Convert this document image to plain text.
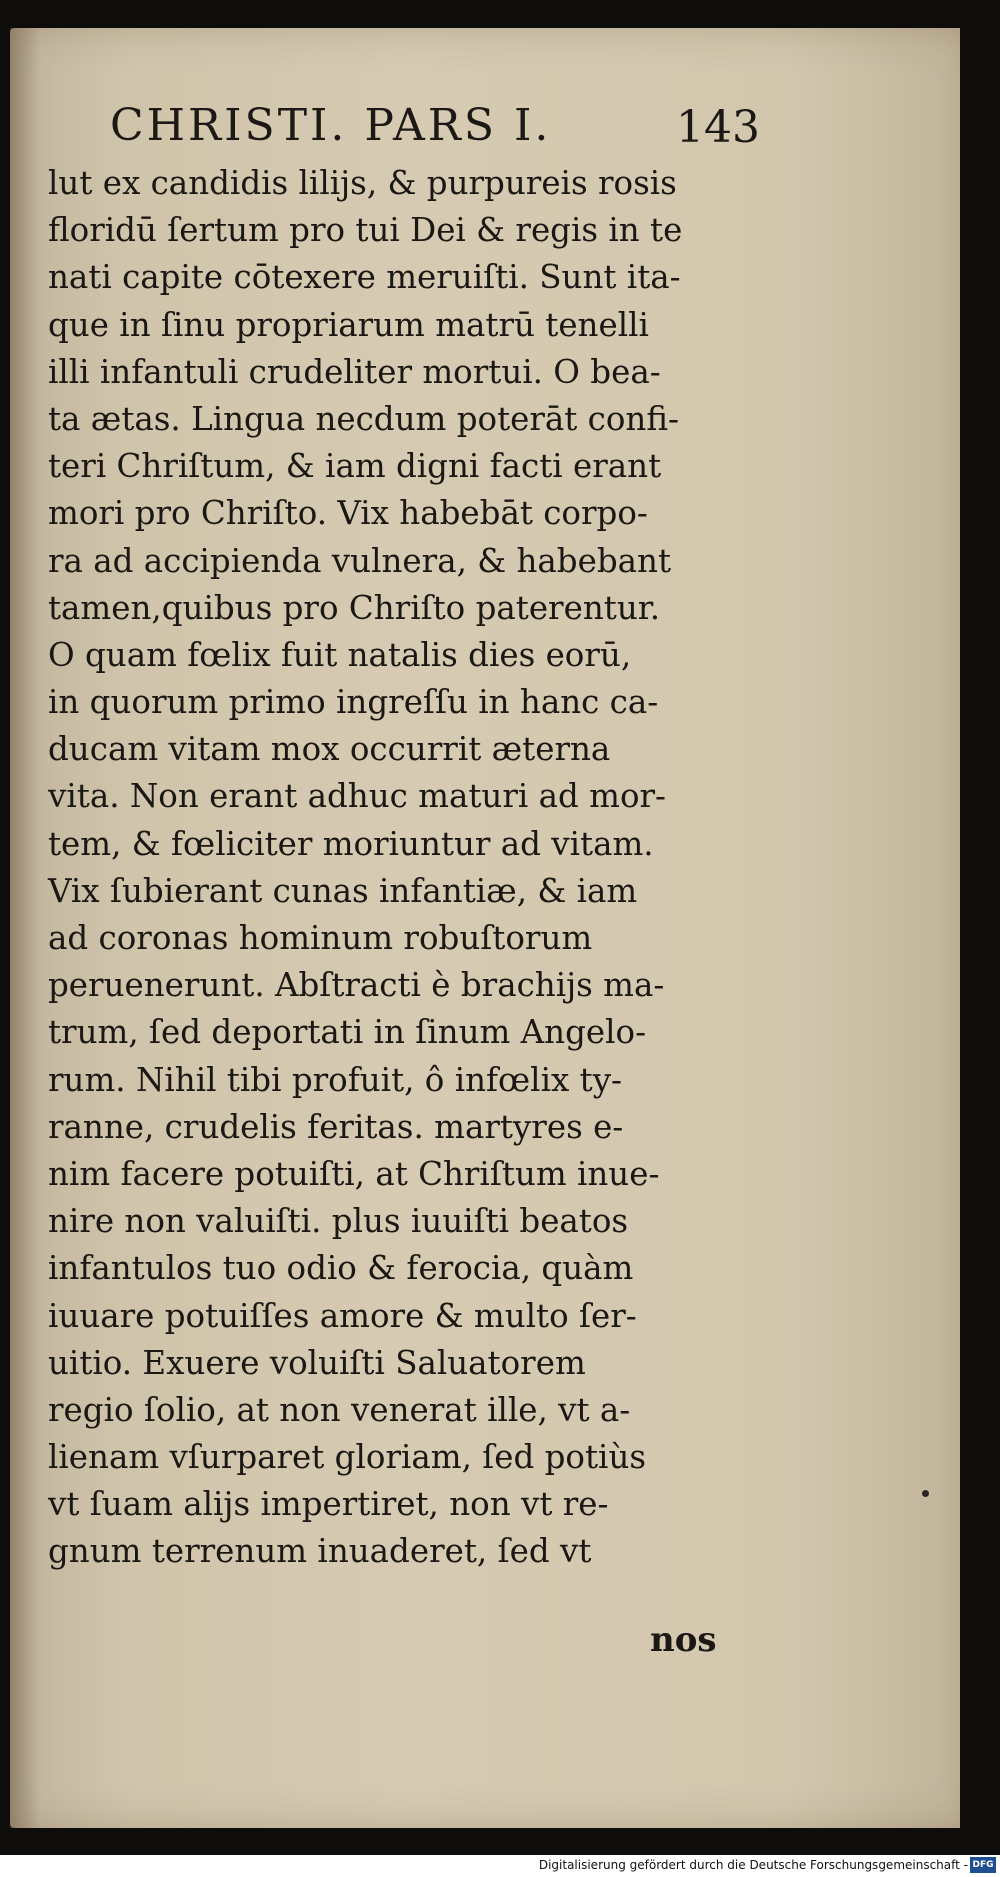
CHRISTI. PARS I.	143
lut ex candidis lilijs, & purpureis rosis
floridū ſertum pro tui Dei & regis in te
nati capite cōtexere meruiſti. Sunt ita-
que in ſinu propriarum matrū tenelli
illi infantuli crudeliter mortui. O bea-
ta ætas. Lingua necdum poterāt confi-
teri Chriſtum, & iam digni facti erant
mori pro Chriſto. Vix habebāt corpo-
ra ad accipienda vulnera, & habebant
tamen,quibus pro Chriſto paterentur.
O quam fœlix fuit natalis dies eorū,
in quorum primo ingreſſu in hanc ca-
ducam vitam mox occurrit æterna
vita. Non erant adhuc maturi ad mor-
tem, & fœliciter moriuntur ad vitam.
Vix ſubierant cunas infantiæ, & iam
ad coronas hominum robuſtorum
peruenerunt. Abſtracti è brachijs ma-
trum, ſed deportati in ſinum Angelo-
rum. Nihil tibi profuit, ô infœlix ty-
ranne, crudelis feritas. martyres e-
nim facere potuiſti, at Chriſtum inue-
nire non valuiſti. plus iuuiſti beatos
infantulos tuo odio & ferocia, quàm
iuuare potuiſſes amore & multo ſer-
uitio. Exuere voluiſti Saluatorem
regio ſolio, at non venerat ille, vt a-
lienam vſurparet gloriam, ſed potiùs
vt ſuam alijs impertiret, non vt re-
gnum terrenum inuaderet, ſed vt
nos
Digitalisierung gefördert durch die Deutsche Forschungsgemeinschaft - DFG
